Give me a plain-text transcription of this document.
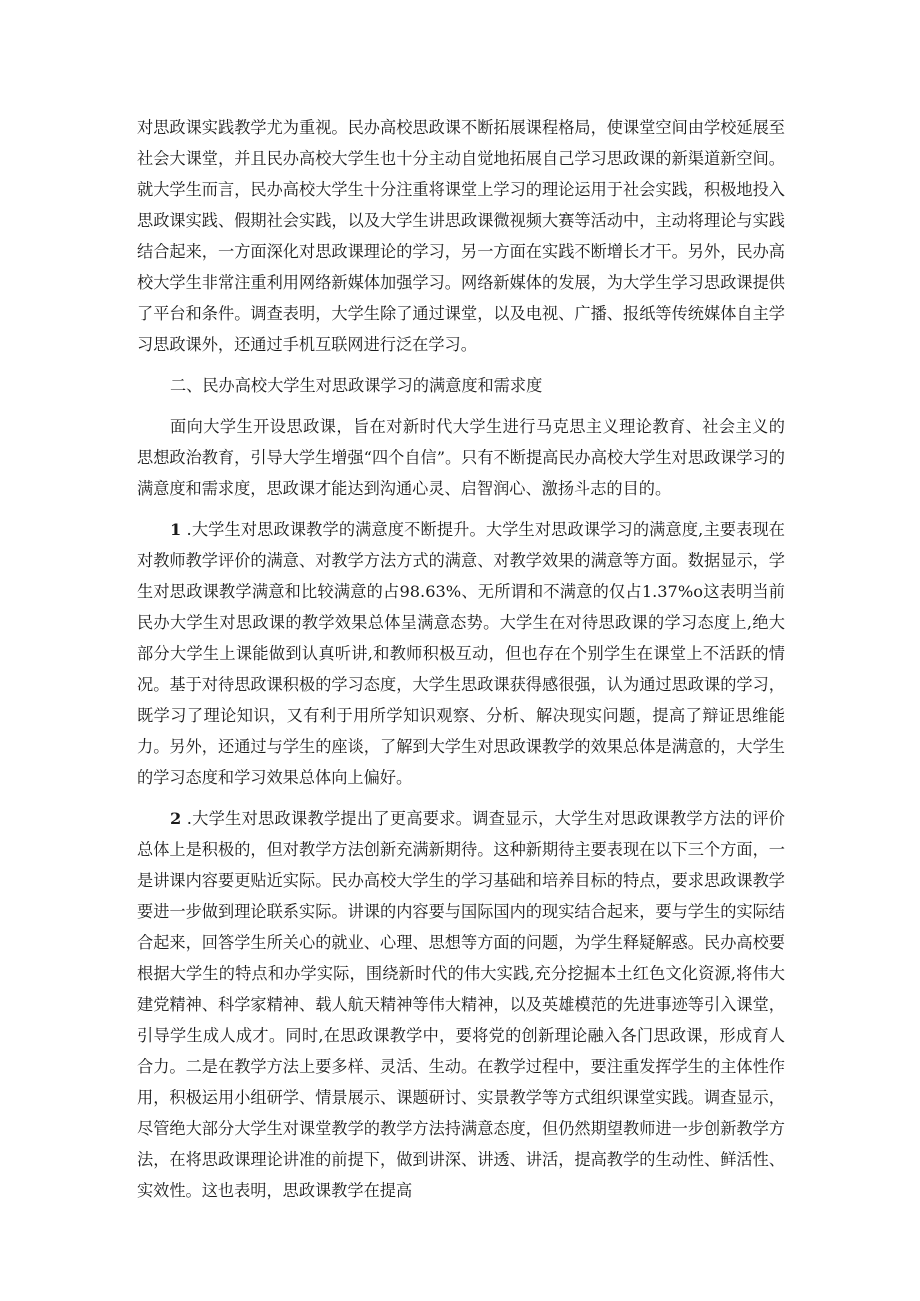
对思政课实践教学尤为重视。民办高校思政课不断拓展课程格局，使课堂空间由学校延展至社会大课堂，并且民办高校大学生也十分主动自觉地拓展自己学习思政课的新渠道新空间。就大学生而言，民办高校大学生十分注重将课堂上学习的理论运用于社会实践，积极地投入思政课实践、假期社会实践，以及大学生讲思政课微视频大赛等活动中，主动将理论与实践结合起来，一方面深化对思政课理论的学习，另一方面在实践不断增长才干。另外，民办高校大学生非常注重利用网络新媒体加强学习。网络新媒体的发展，为大学生学习思政课提供了平台和条件。调查表明，大学生除了通过课堂，以及电视、广播、报纸等传统媒体自主学习思政课外，还通过手机互联网进行泛在学习。

二、民办高校大学生对思政课学习的满意度和需求度

面向大学生开设思政课，旨在对新时代大学生进行马克思主义理论教育、社会主义的思想政治教育，引导大学生增强“四个自信”。只有不断提高民办高校大学生对思政课学习的满意度和需求度，思政课才能达到沟通心灵、启智润心、激扬斗志的目的。

1 .大学生对思政课教学的满意度不断提升。大学生对思政课学习的满意度,主要表现在对教师教学评价的满意、对教学方法方式的满意、对教学效果的满意等方面。数据显示，学生对思政课教学满意和比较满意的占98.63%、无所谓和不满意的仅占1.37%o这表明当前民办大学生对思政课的教学效果总体呈满意态势。大学生在对待思政课的学习态度上,绝大部分大学生上课能做到认真听讲,和教师积极互动，但也存在个别学生在课堂上不活跃的情况。基于对待思政课积极的学习态度，大学生思政课获得感很强，认为通过思政课的学习，既学习了理论知识，又有利于用所学知识观察、分析、解决现实问题，提高了辩证思维能力。另外，还通过与学生的座谈，了解到大学生对思政课教学的效果总体是满意的，大学生的学习态度和学习效果总体向上偏好。

2 .大学生对思政课教学提出了更高要求。调查显示，大学生对思政课教学方法的评价总体上是积极的，但对教学方法创新充满新期待。这种新期待主要表现在以下三个方面，一是讲课内容要更贴近实际。民办高校大学生的学习基础和培养目标的特点，要求思政课教学要进一步做到理论联系实际。讲课的内容要与国际国内的现实结合起来，要与学生的实际结合起来，回答学生所关心的就业、心理、思想等方面的问题，为学生释疑解惑。民办高校要根据大学生的特点和办学实际，围绕新时代的伟大实践,充分挖掘本土红色文化资源,将伟大建党精神、科学家精神、载人航天精神等伟大精神，以及英雄模范的先进事迹等引入课堂，引导学生成人成才。同时,在思政课教学中，要将党的创新理论融入各门思政课，形成育人合力。二是在教学方法上要多样、灵活、生动。在教学过程中，要注重发挥学生的主体性作用，积极运用小组研学、情景展示、课题研讨、实景教学等方式组织课堂实践。调查显示，尽管绝大部分大学生对课堂教学的教学方法持满意态度，但仍然期望教师进一步创新教学方法，在将思政课理论讲准的前提下，做到讲深、讲透、讲活，提高教学的生动性、鲜活性、实效性。这也表明，思政课教学在提高
